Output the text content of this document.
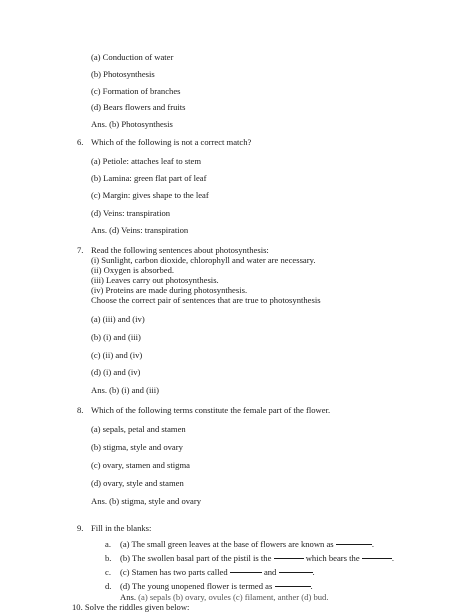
(a) Conduction of water
(b) Photosynthesis
(c) Formation of branches
(d) Bears flowers and fruits
Ans. (b) Photosynthesis
6. Which of the following is not a correct match?
(a) Petiole: attaches leaf to stem
(b) Lamina: green flat part of leaf
(c) Margin: gives shape to the leaf
(d) Veins: transpiration
Ans. (d) Veins: transpiration
7. Read the following sentences about photosynthesis:
(i) Sunlight, carbon dioxide, chlorophyll and water are necessary.
(ii) Oxygen is absorbed.
(iii) Leaves carry out photosynthesis.
(iv) Proteins are made during photosynthesis.
Choose the correct pair of sentences that are true to photosynthesis
(a) (iii) and (iv)
(b) (i) and (iii)
(c) (ii) and (iv)
(d) (i) and (iv)
Ans. (b) (i) and (iii)
8. Which of the following terms constitute the female part of the flower.
(a) sepals, petal and stamen
(b) stigma, style and ovary
(c) ovary, stamen and stigma
(d) ovary, style and stamen
Ans. (b) stigma, style and ovary
9. Fill in the blanks:
a. (a) The small green leaves at the base of flowers are known as	.
b. (b) The swollen basal part of the pistil is the	which bears the	.
c. (c) Stamen has two parts called	and	.
d. (d) The young unopened flower is termed as	.
Ans. (a) sepals (b) ovary, ovules (c) filament, anther (d) bud.
10. Solve the riddles given below:
